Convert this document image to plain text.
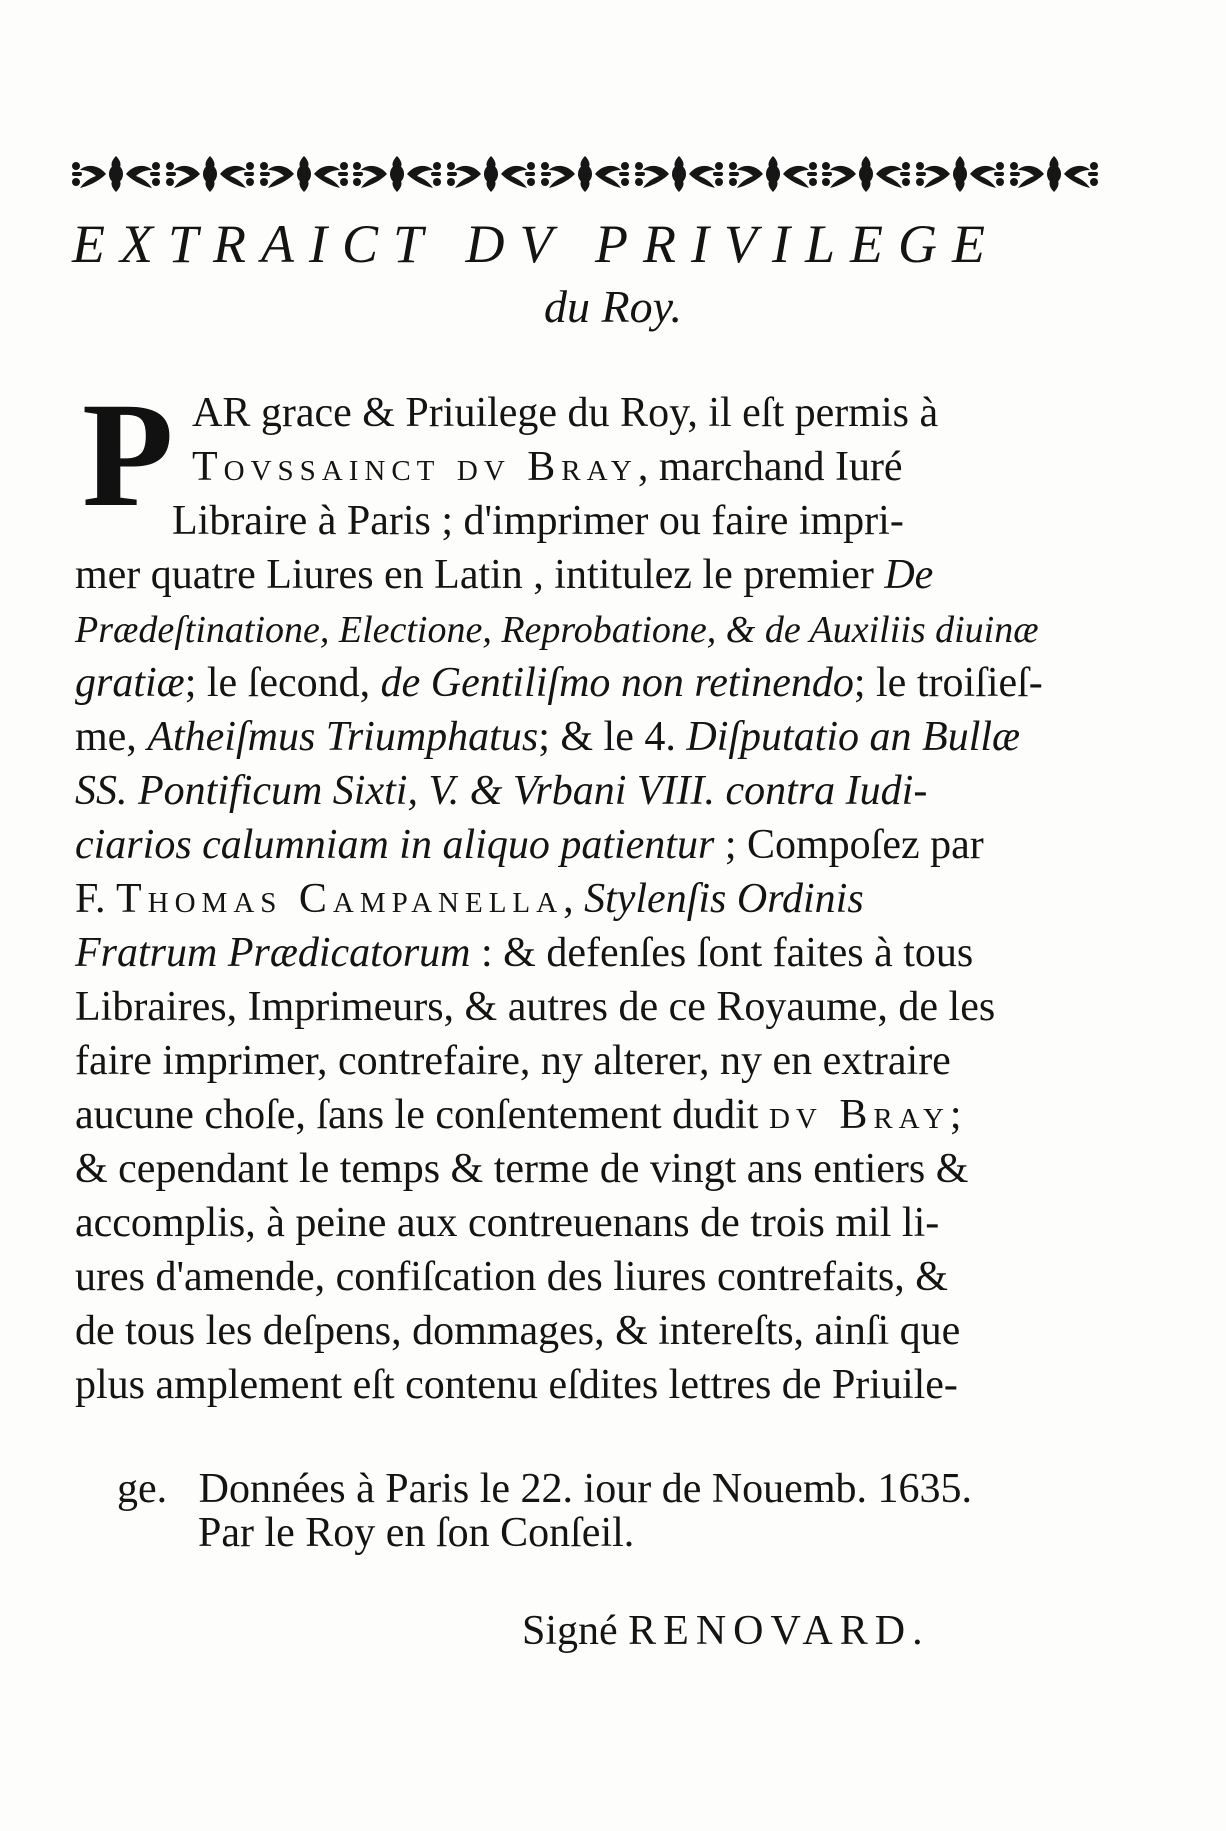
EXTRAICT DV PRIVILEGE
du Roy.
P AR grace & Priuilege du Roy, il eſt permis à
Tovssainct dv Bray, marchand Iuré
Libraire à Paris ; d'imprimer ou faire impri-
mer quatre Liures en Latin , intitulez le premier De
Prædeſtinatione, Electione, Reprobatione, & de Auxiliis diuinæ
gratiæ; le ſecond, de Gentiliſmo non retinendo; le troiſieſ-
me, Atheiſmus Triumphatus; & le 4. Diſputatio an Bullæ
SS. Pontificum Sixti, V. & Vrbani VIII. contra Iudi-
ciarios calumniam in aliquo patientur ; Compoſez par
F. Thomas Campanella, Stylenſis Ordinis
Fratrum Prædicatorum : & defenſes ſont faites à tous
Libraires, Imprimeurs, & autres de ce Royaume, de les
faire imprimer, contrefaire, ny alterer, ny en extraire
aucune choſe, ſans le conſentement dudit dv Bray;
& cependant le temps & terme de vingt ans entiers &
accomplis, à peine aux contreuenans de trois mil li-
ures d'amende, confiſcation des liures contrefaits, &
de tous les deſpens, dommages, & intereſts, ainſi que
plus amplement eſt contenu eſdites lettres de Priuile-

ge.   Données à Paris le 22. iour de Nouemb. 1635.

Par le Roy en ſon Conſeil.
Signé RENOVARD.
